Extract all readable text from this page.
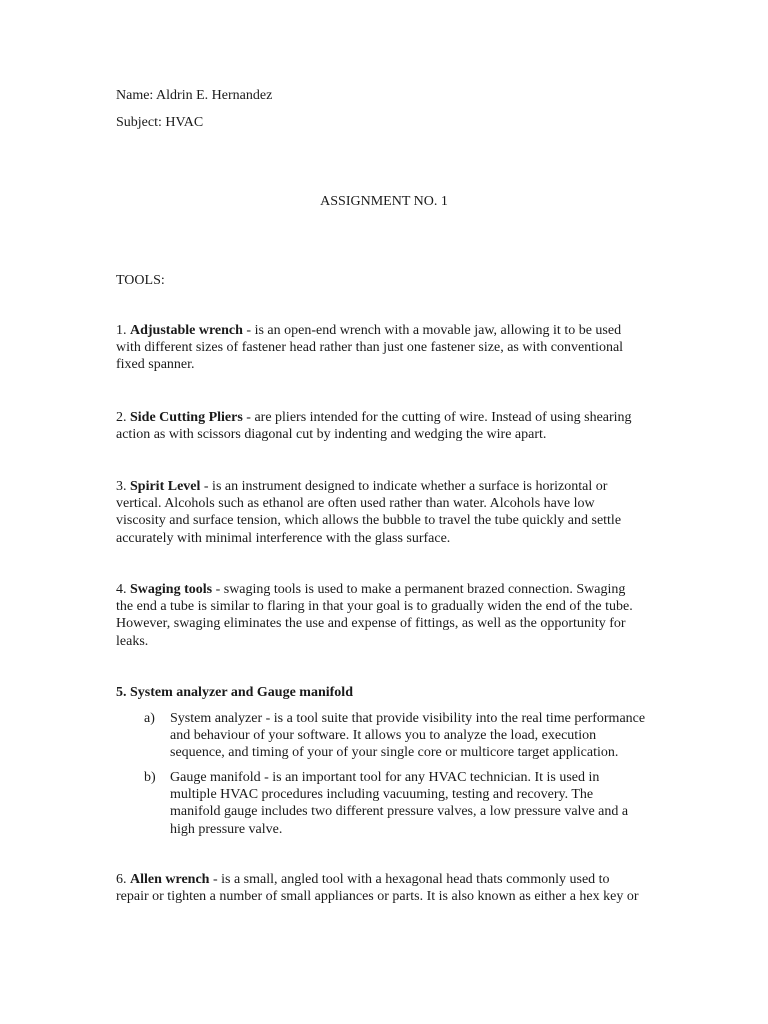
Name: Aldrin E. Hernandez
Subject: HVAC
ASSIGNMENT NO. 1
TOOLS:
1. Adjustable wrench - is an open-end wrench with a movable jaw, allowing it to be used
with different sizes of fastener head rather than just one fastener size, as with conventional
fixed spanner.
2. Side Cutting Pliers - are pliers intended for the cutting of wire. Instead of using shearing
action as with scissors diagonal cut by indenting and wedging the wire apart.
3. Spirit Level - is an instrument designed to indicate whether a surface is horizontal or
vertical. Alcohols such as ethanol are often used rather than water. Alcohols have low
viscosity and surface tension, which allows the bubble to travel the tube quickly and settle
accurately with minimal interference with the glass surface.
4. Swaging tools - swaging tools is used to make a permanent brazed connection. Swaging
the end a tube is similar to flaring in that your goal is to gradually widen the end of the tube.
However, swaging eliminates the use and expense of fittings, as well as the opportunity for
leaks.
5. System analyzer and Gauge manifold
a) System analyzer - is a tool suite that provide visibility into the real time performance
and behaviour of your software. It allows you to analyze the load, execution
sequence, and timing of your of your single core or multicore target application.
b) Gauge manifold - is an important tool for any HVAC technician. It is used in
multiple HVAC procedures including vacuuming, testing and recovery. The
manifold gauge includes two different pressure valves, a low pressure valve and a
high pressure valve.
6. Allen wrench - is a small, angled tool with a hexagonal head thats commonly used to
repair or tighten a number of small appliances or parts. It is also known as either a hex key or
